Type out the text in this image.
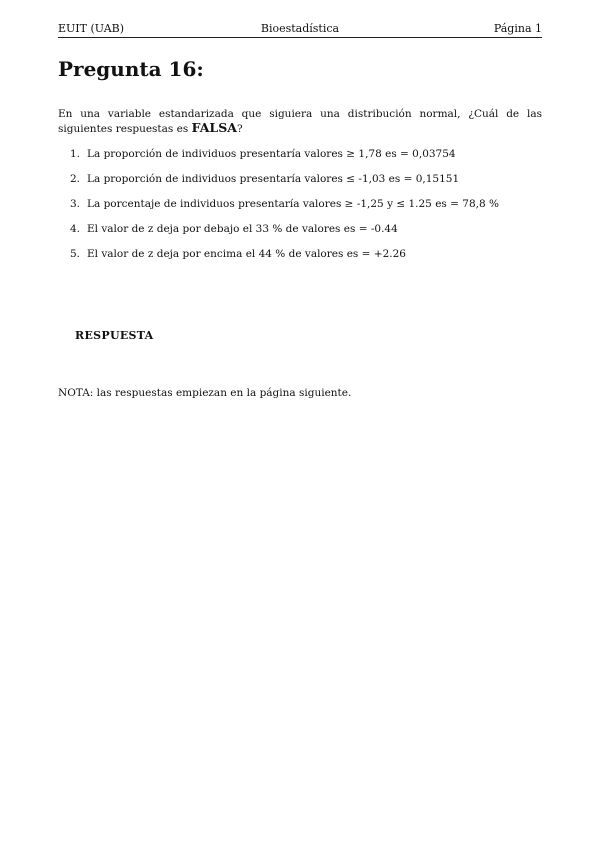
EUIT (UAB)	Bioestadística	Página 1
Pregunta 16:

En una variable estandarizada que siguiera una distribución normal, ¿Cuál de las siguientes respuestas es FALSA?

1. La proporción de individuos presentaría valores ≥ 1,78 es = 0,03754
2. La proporción de individuos presentaría valores ≤ -1,03 es = 0,15151
3. La porcentaje de individuos presentaría valores ≥ -1,25 y ≤ 1.25 es = 78,8 %
4. El valor de z deja por debajo el 33 % de valores es = -0.44
5. El valor de z deja por encima el 44 % de valores es = +2.26
RESPUESTA
NOTA: las respuestas empiezan en la página siguiente.
